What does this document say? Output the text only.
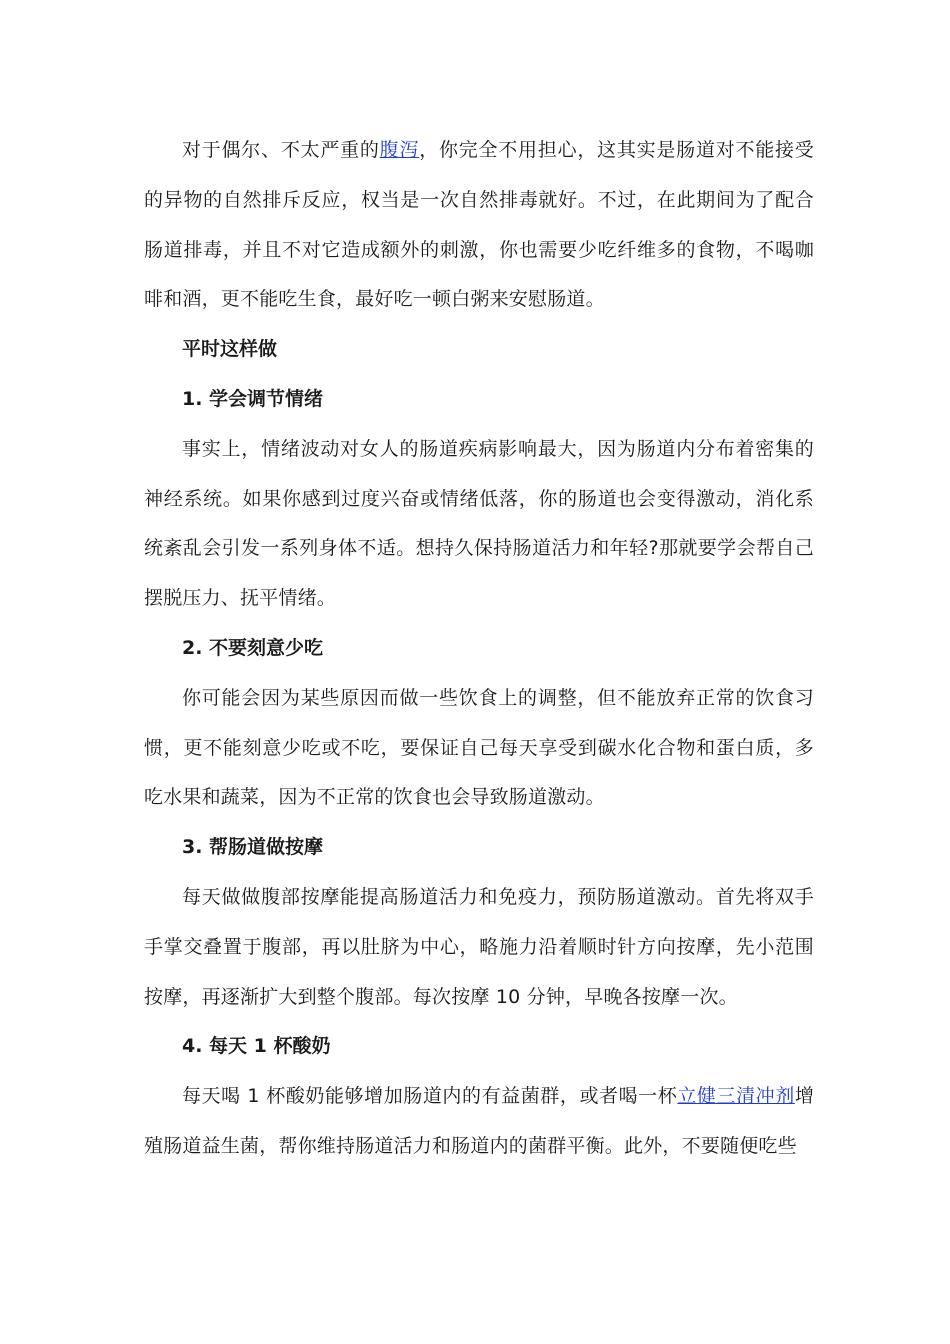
对于偶尔、不太严重的腹泻，你完全不用担心，这其实是肠道对不能接受的异物的自然排斥反应，权当是一次自然排毒就好。不过，在此期间为了配合肠道排毒，并且不对它造成额外的刺激，你也需要少吃纤维多的食物，不喝咖啡和酒，更不能吃生食，最好吃一顿白粥来安慰肠道。

平时这样做

1. 学会调节情绪

事实上，情绪波动对女人的肠道疾病影响最大，因为肠道内分布着密集的神经系统。如果你感到过度兴奋或情绪低落，你的肠道也会变得激动，消化系统紊乱会引发一系列身体不适。想持久保持肠道活力和年轻?那就要学会帮自己摆脱压力、抚平情绪。

2. 不要刻意少吃

你可能会因为某些原因而做一些饮食上的调整，但不能放弃正常的饮食习惯，更不能刻意少吃或不吃，要保证自己每天享受到碳水化合物和蛋白质，多吃水果和蔬菜，因为不正常的饮食也会导致肠道激动。

3. 帮肠道做按摩

每天做做腹部按摩能提高肠道活力和免疫力，预防肠道激动。首先将双手手掌交叠置于腹部，再以肚脐为中心，略施力沿着顺时针方向按摩，先小范围按摩，再逐渐扩大到整个腹部。每次按摩 10 分钟，早晚各按摩一次。

4. 每天 1 杯酸奶

每天喝 1 杯酸奶能够增加肠道内的有益菌群，或者喝一杯立健三清冲剂增殖肠道益生菌，帮你维持肠道活力和肠道内的菌群平衡。此外，不要随便吃些
